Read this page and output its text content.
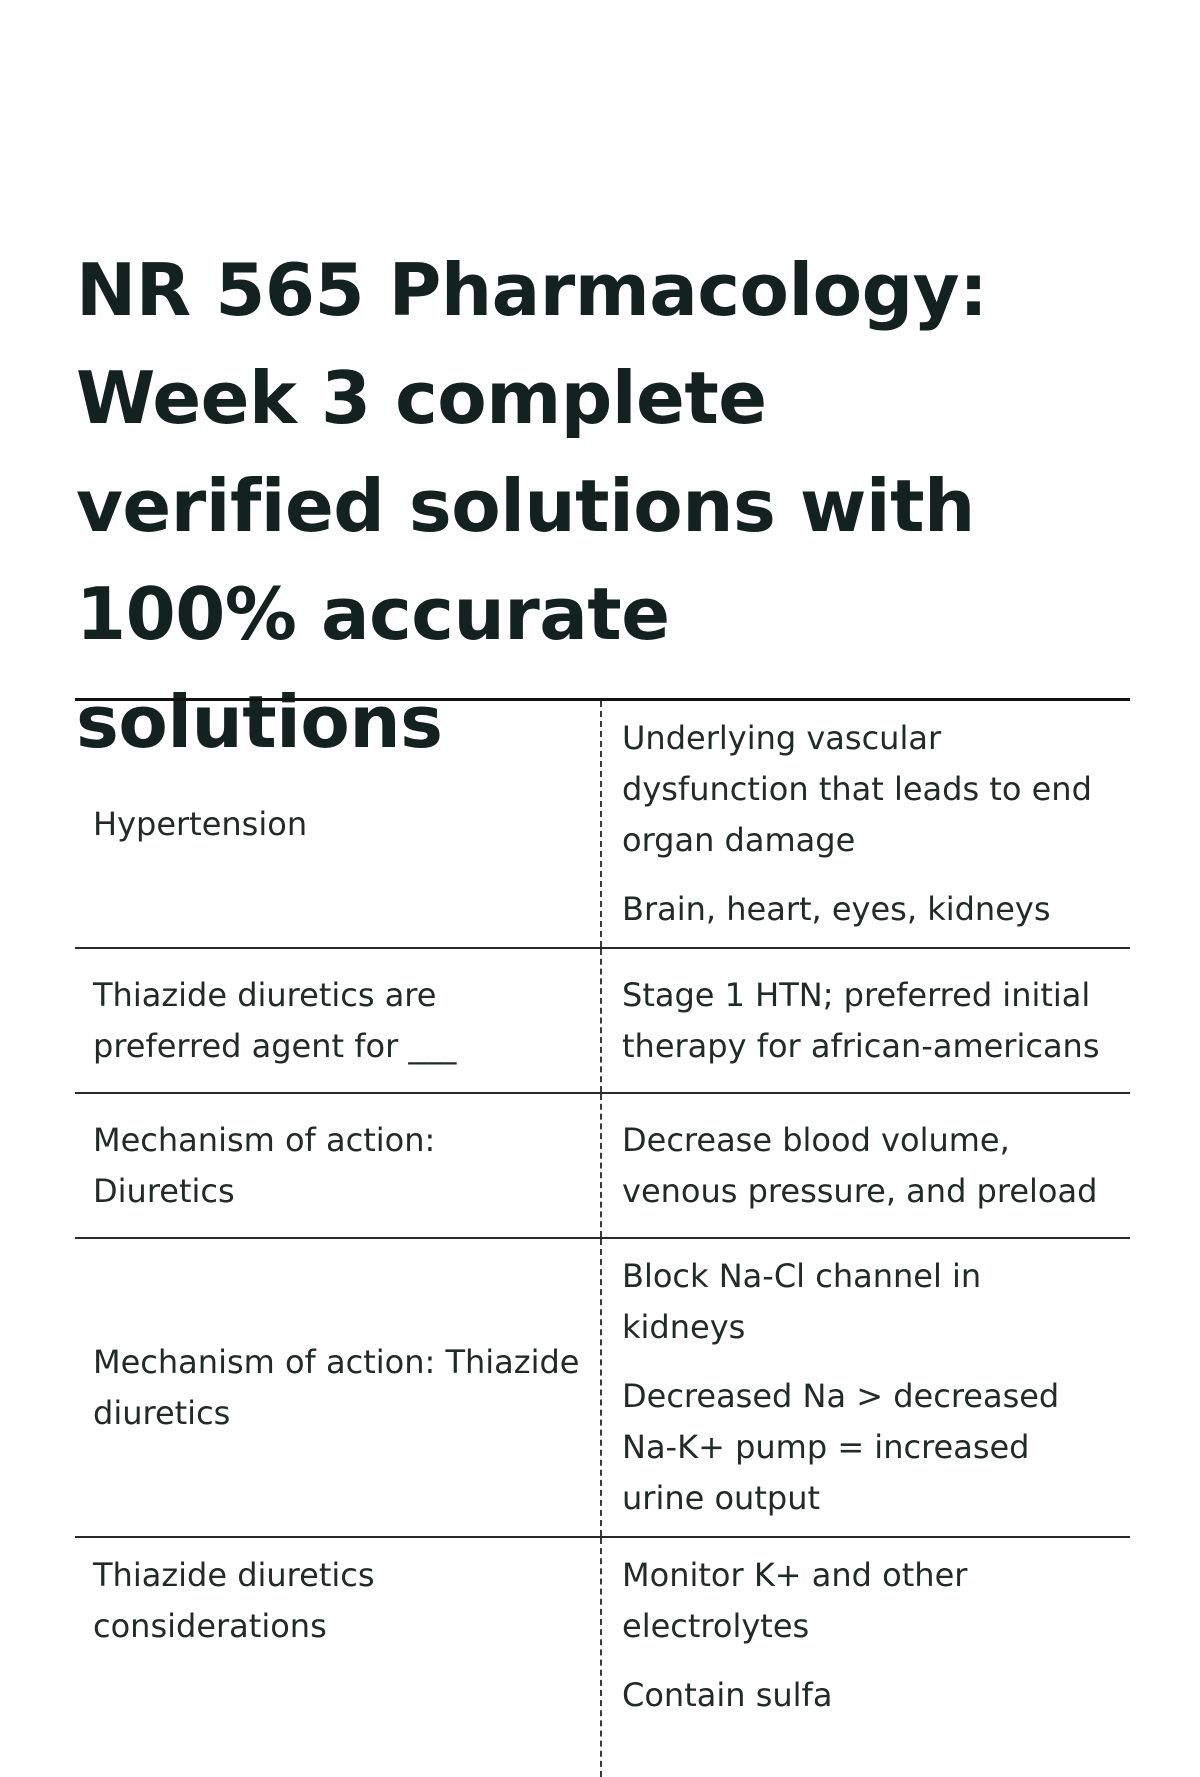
NR 565 Pharmacology: Week 3 complete verified solutions with 100% accurate solutions
Hypertension	Underlying vascular dysfunction that leads to end organ damage

Brain, heart, eyes, kidneys

Thiazide diuretics are preferred agent for ___	Stage 1 HTN; preferred initial therapy for african-americans

Mechanism of action: Diuretics	Decrease blood volume, venous pressure, and preload

Mechanism of action: Thiazide diuretics	Block Na-Cl channel in kidneys

Decreased Na > decreased Na-K+ pump = increased urine output

Thiazide diuretics considerations	Monitor K+ and other electrolytes

Contain sulfa
